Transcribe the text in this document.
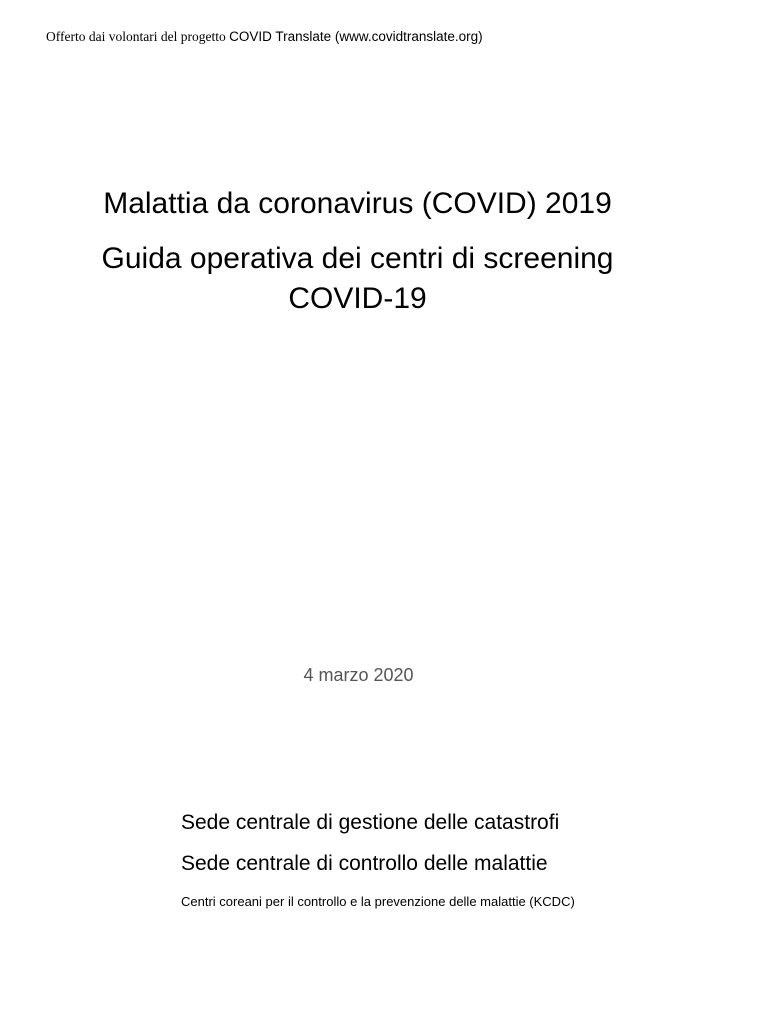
Offerto dai volontari del progetto COVID Translate (www.covidtranslate.org)
Malattia da coronavirus (COVID) 2019
Guida operativa dei centri di screening
COVID-19
4 marzo 2020
Sede centrale di gestione delle catastrofi
Sede centrale di controllo delle malattie
Centri coreani per il controllo e la prevenzione delle malattie (KCDC)
